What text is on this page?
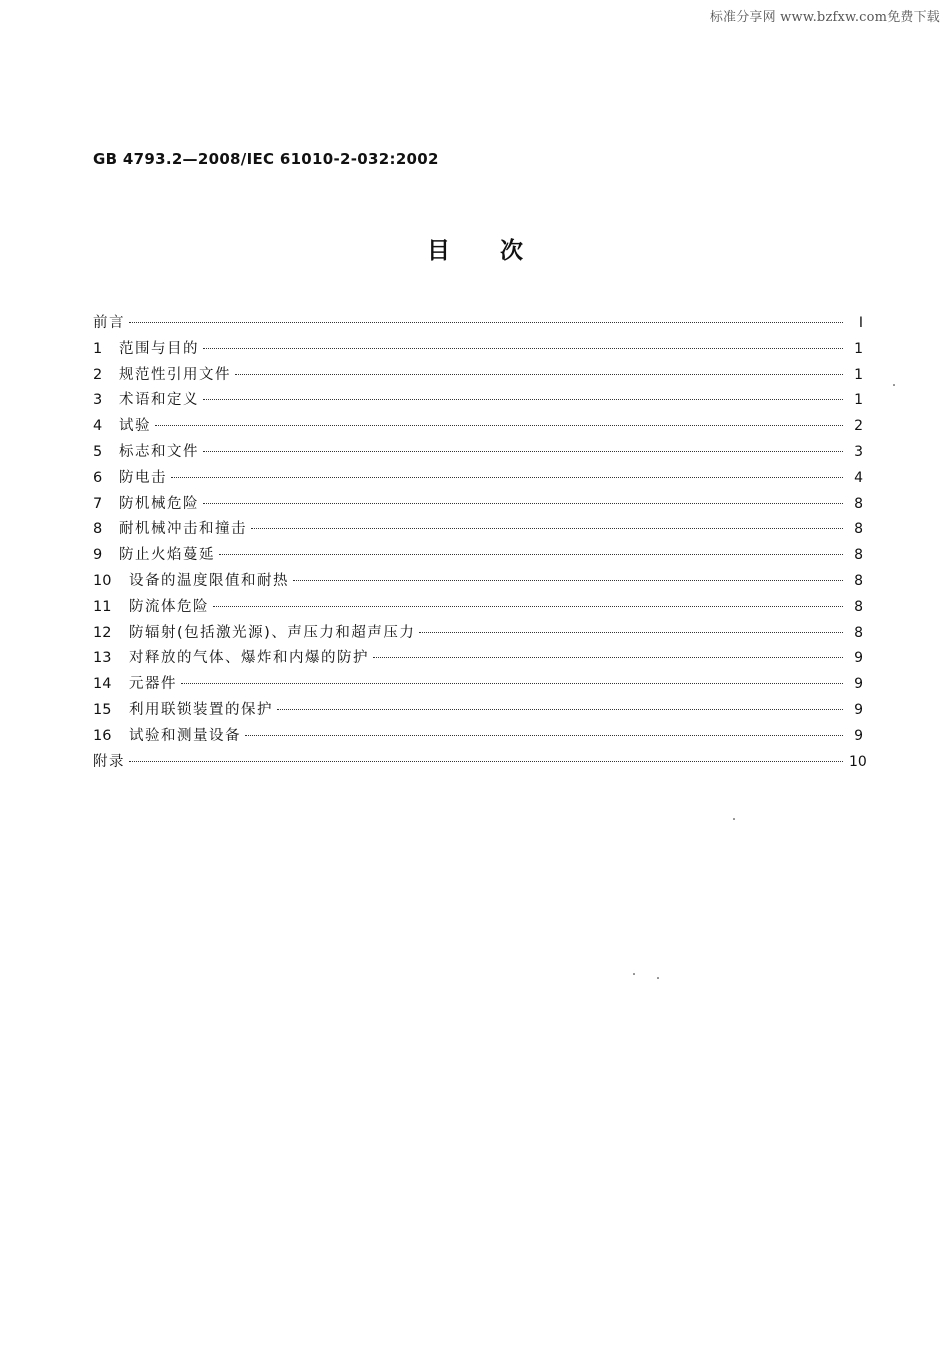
标准分享网 www.bzfxw.com免费下载
GB 4793.2—2008/IEC 61010-2-032:2002
目次
前言	I
1	范围与目的	1
2	规范性引用文件	1
3	术语和定义	1
4	试验	2
5	标志和文件	3
6	防电击	4
7	防机械危险	8
8	耐机械冲击和撞击	8
9	防止火焰蔓延	8
10	设备的温度限值和耐热	8
11	防流体危险	8
12	防辐射(包括激光源)、声压力和超声压力	8
13	对释放的气体、爆炸和内爆的防护	9
14	元器件	9
15	利用联锁装置的保护	9
16	试验和测量设备	9
附录	10
